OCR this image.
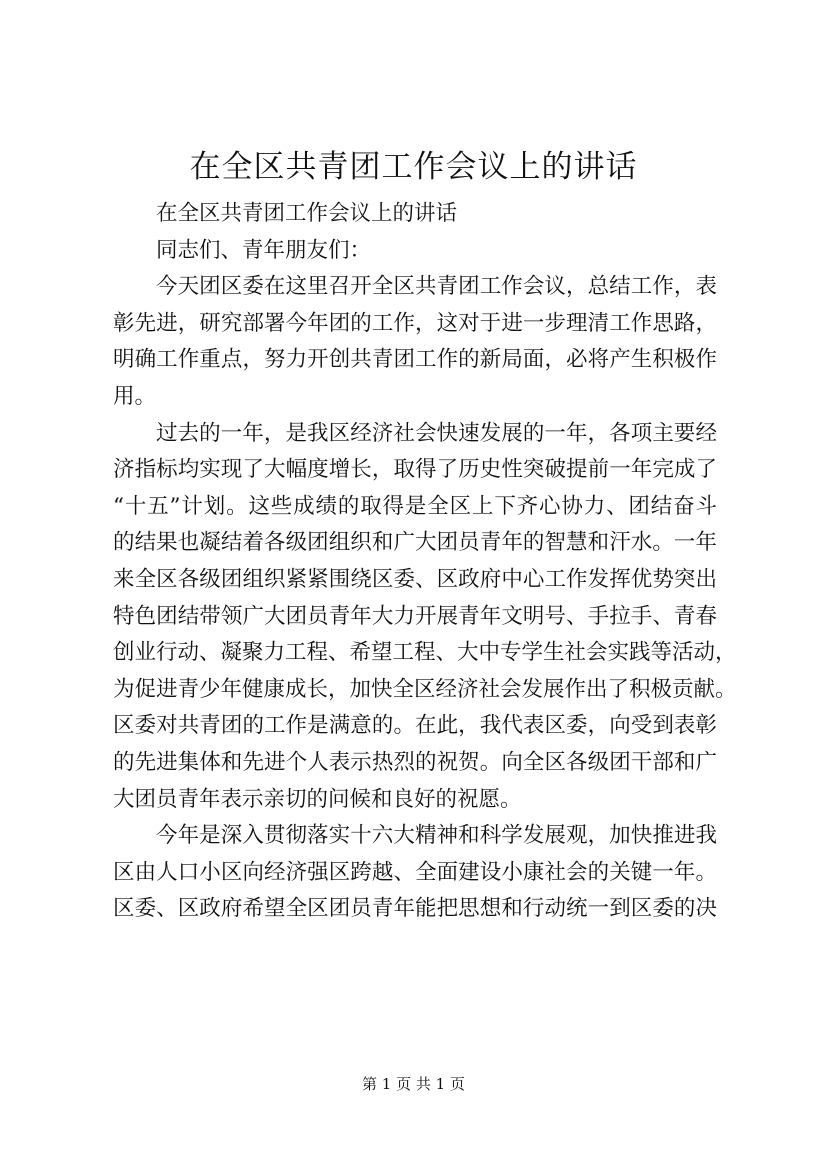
在全区共青团工作会议上的讲话
在全区共青团工作会议上的讲话
同志们、青年朋友们：
今天团区委在这里召开全区共青团工作会议，总结工作，表
彰先进，研究部署今年团的工作，这对于进一步理清工作思路，
明确工作重点，努力开创共青团工作的新局面，必将产生积极作
用。
过去的一年，是我区经济社会快速发展的一年，各项主要经
济指标均实现了大幅度增长，取得了历史性突破提前一年完成了
“十五”计划。这些成绩的取得是全区上下齐心协力、团结奋斗
的结果也凝结着各级团组织和广大团员青年的智慧和汗水。一年
来全区各级团组织紧紧围绕区委、区政府中心工作发挥优势突出
特色团结带领广大团员青年大力开展青年文明号、手拉手、青春
创业行动、凝聚力工程、希望工程、大中专学生社会实践等活动，
为促进青少年健康成长，加快全区经济社会发展作出了积极贡献。
区委对共青团的工作是满意的。在此，我代表区委，向受到表彰
的先进集体和先进个人表示热烈的祝贺。向全区各级团干部和广
大团员青年表示亲切的问候和良好的祝愿。
今年是深入贯彻落实十六大精神和科学发展观，加快推进我
区由人口小区向经济强区跨越、全面建设小康社会的关键一年。
区委、区政府希望全区团员青年能把思想和行动统一到区委的决
第 1 页 共 1 页
